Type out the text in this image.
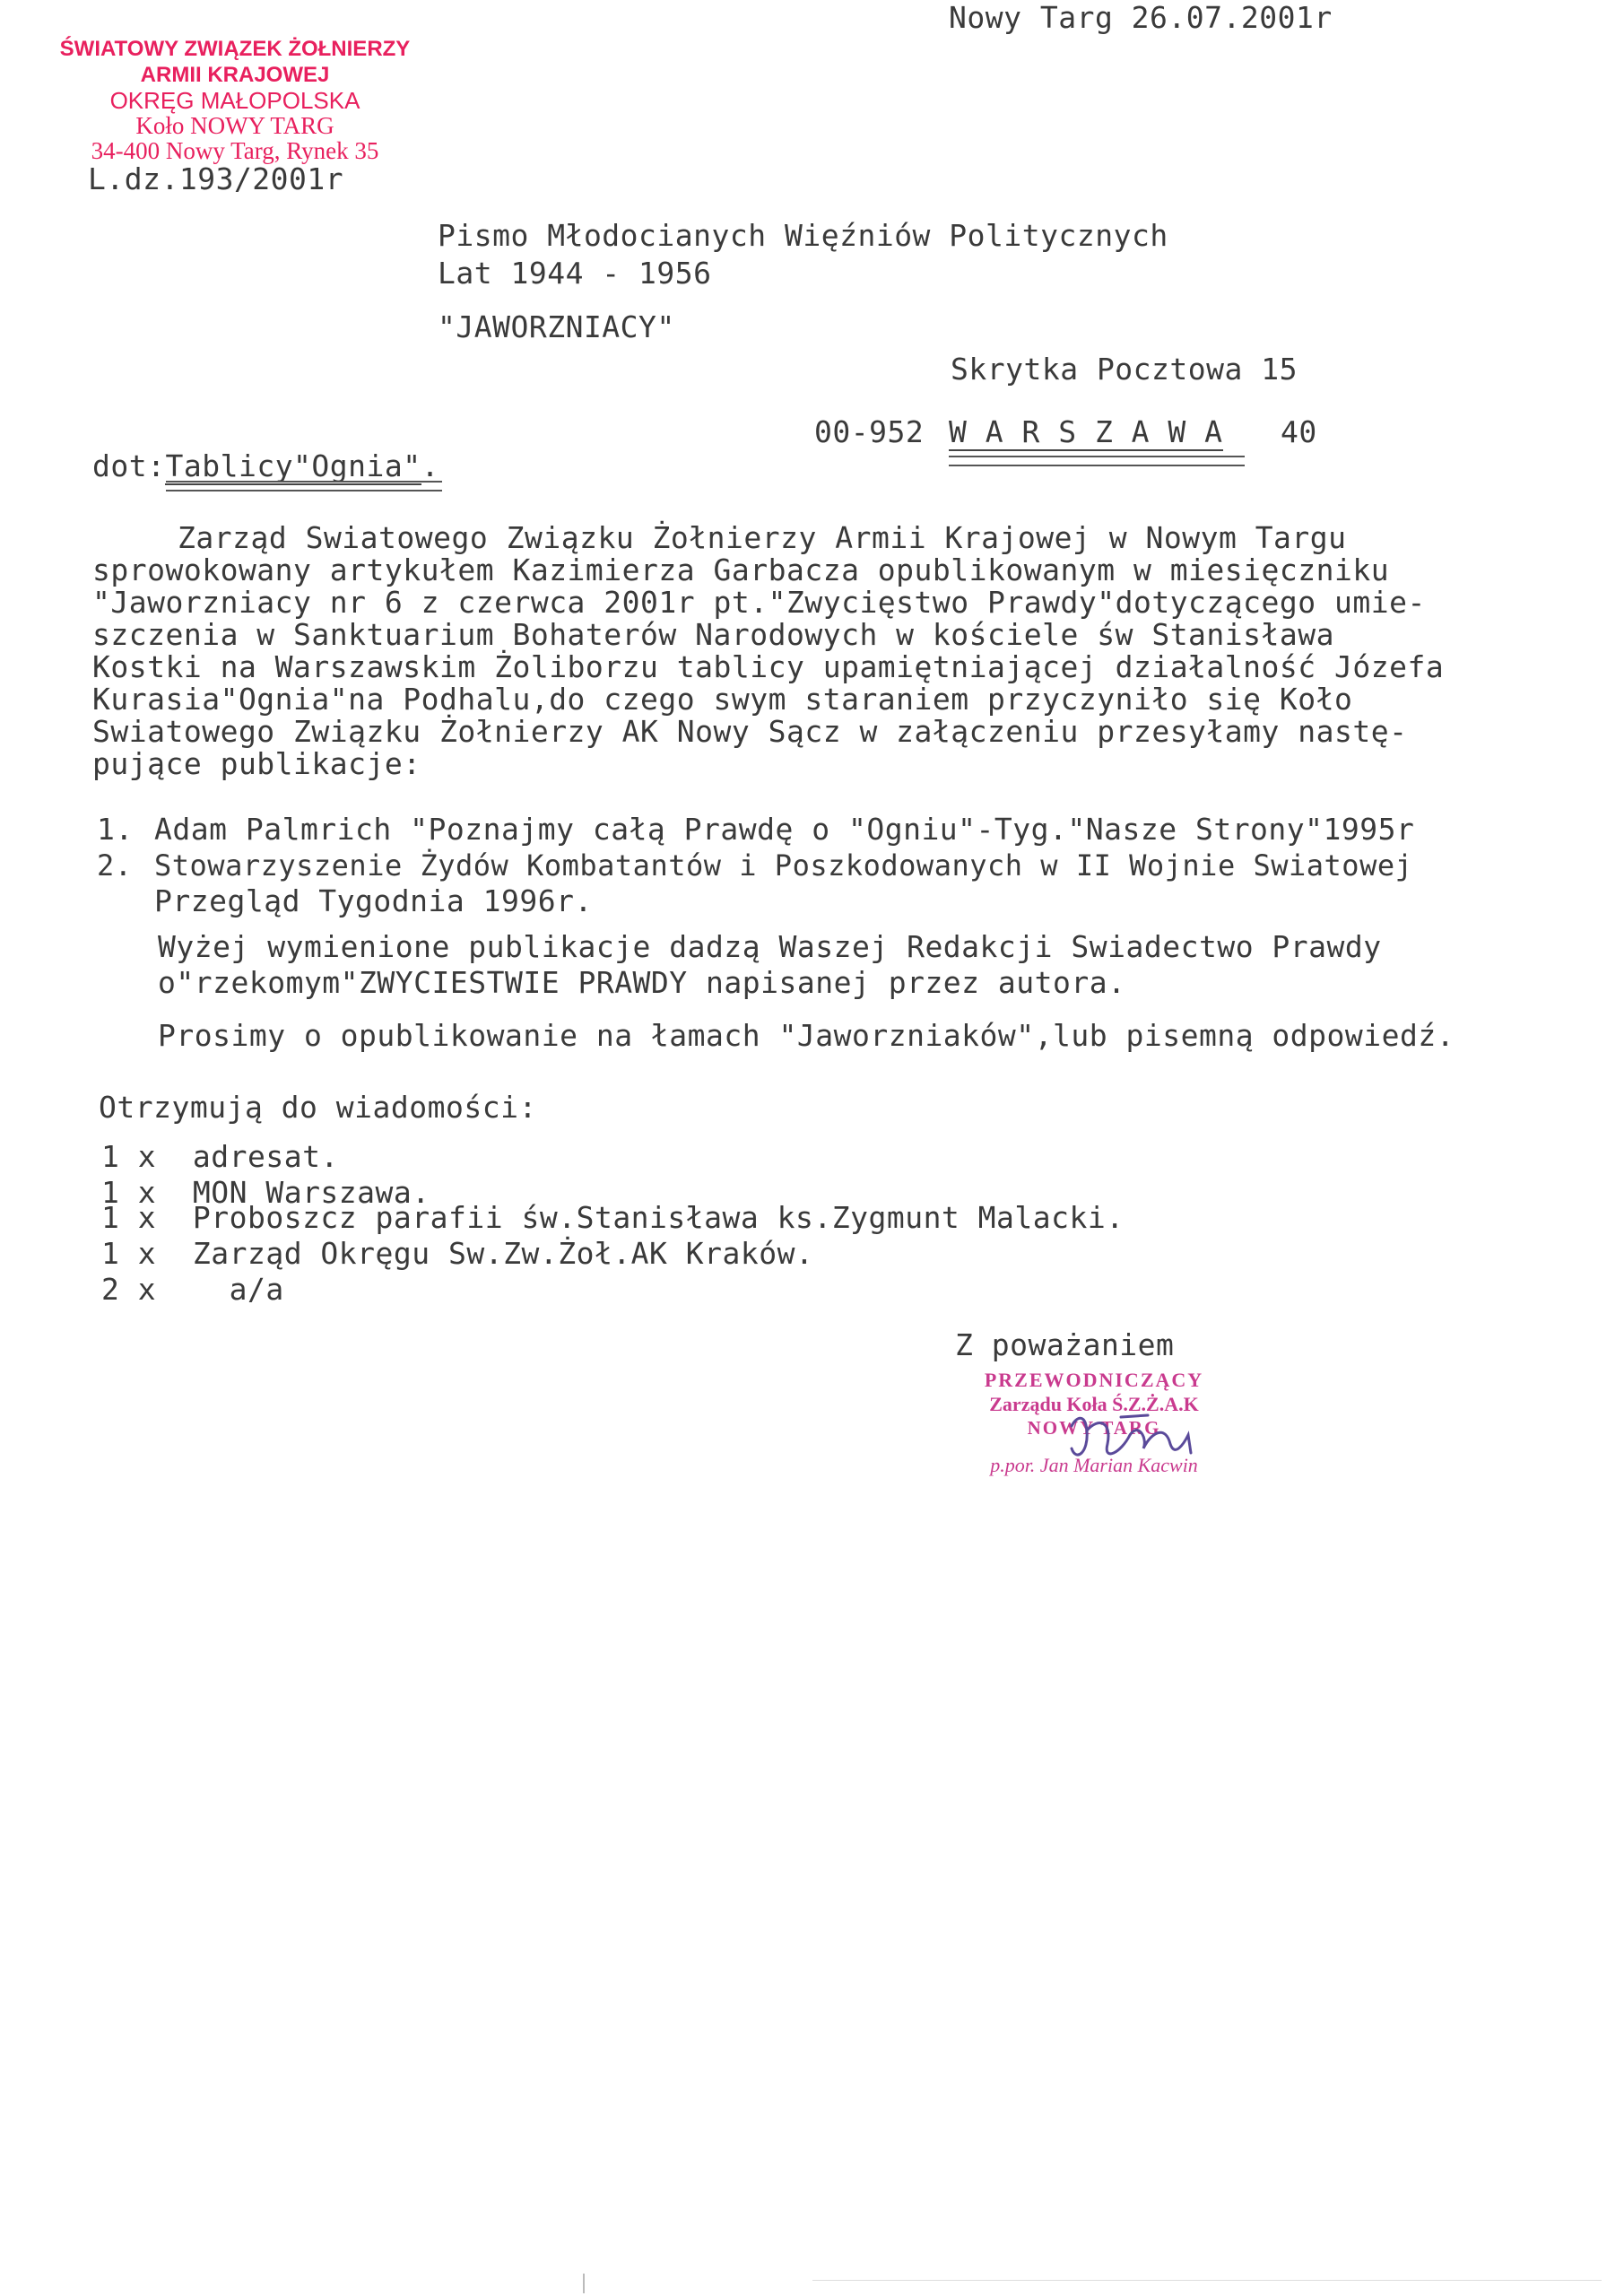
ŚWIATOWY ZWIĄZEK ŻOŁNIERZY
ARMII KRAJOWEJ
OKRĘG MAŁOPOLSKA
Koło NOWY TARG
34-400 Nowy Targ, Rynek 35
Nowy Targ 26.07.2001r
L.dz.193/2001r
Pismo Młodocianych Więźniów Politycznych
Lat 1944 - 1956
"JAWORZNIACY"
Skrytka Pocztowa 15
00-952 W A R S Z A W A 40
dot:Tablicy"Ognia".
Zarząd Swiatowego Związku Żołnierzy Armii Krajowej w Nowym Targu
sprowokowany artykułem Kazimierza Garbacza opublikowanym w miesięczniku
"Jaworzniacy nr 6 z czerwca 2001r pt."Zwycięstwo Prawdy"dotyczącego umie-
szczenia w Sanktuarium Bohaterów Narodowych w kościele św Stanisława
Kostki na Warszawskim Żoliborzu tablicy upamiętniającej działalność Józefa
Kurasia"Ognia"na Podhalu,do czego swym staraniem przyczyniło się Koło
Swiatowego Związku Żołnierzy AK Nowy Sącz w załączeniu przesyłamy nastę-
pujące publikacje:
1. Adam Palmrich "Poznajmy całą Prawdę o "Ogniu"-Tyg."Nasze Strony"1995r
2. Stowarzyszenie Żydów Kombatantów i Poszkodowanych w II Wojnie Swiatowej
Przegląd Tygodnia 1996r.
Wyżej wymienione publikacje dadzą Waszej Redakcji Swiadectwo Prawdy
o"rzekomym"ZWYCIESTWIE PRAWDY napisanej przez autora.
Prosimy o opublikowanie na łamach "Jaworzniaków",lub pisemną odpowiedź.
Otrzymują do wiadomości:
1 x adresat.
1 x MON Warszawa.
1 x Proboszcz parafii św.Stanisława ks.Zygmunt Malacki.
1 x Zarząd Okręgu Sw.Zw.Żoł.AK Kraków.
2 x    a/a
Z poważaniem
PRZEWODNICZĄCY
Zarządu Koła Ś.Z.Ż.A.K
NOWY TARG
p.por. Jan Marian Kacwin
